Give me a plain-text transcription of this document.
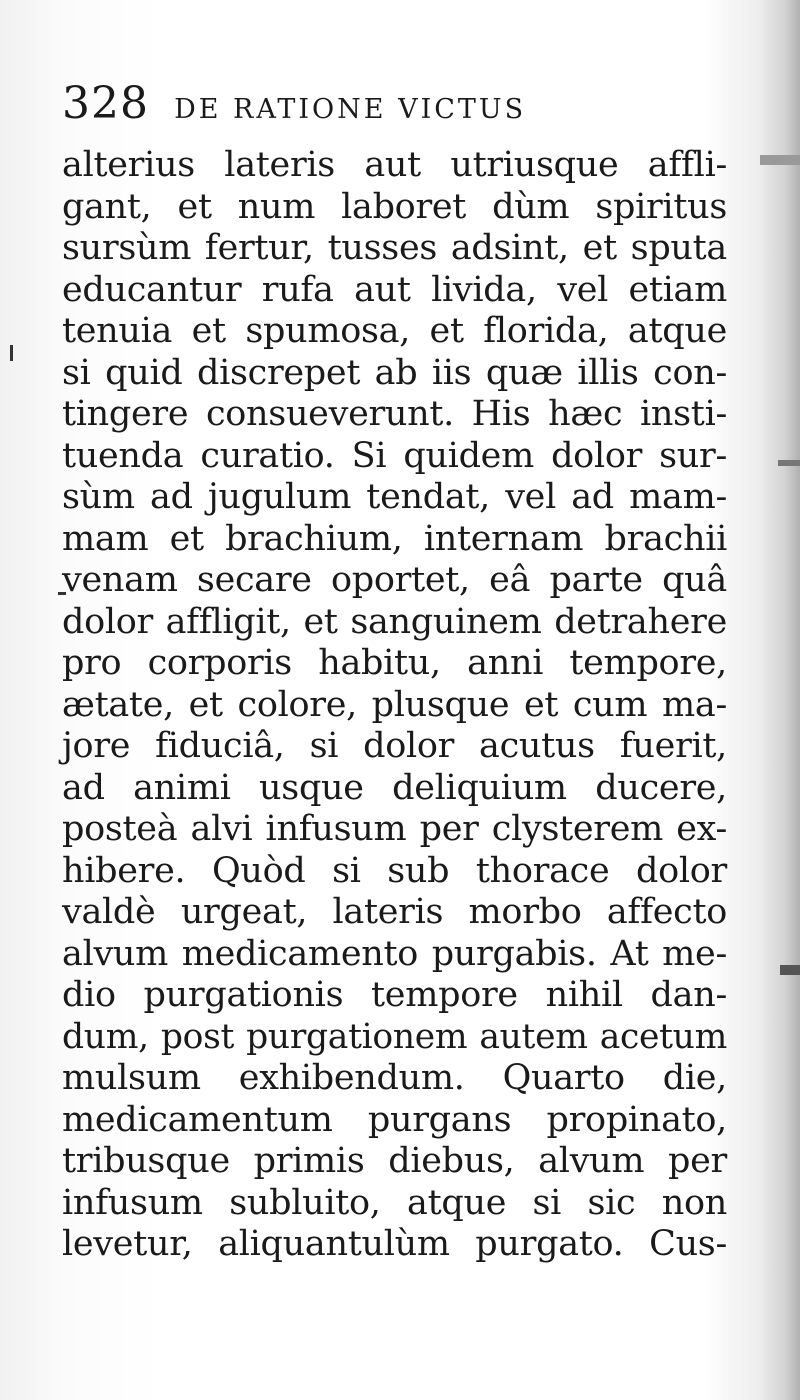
328 DE RATIONE VICTUS
alterius lateris aut utriusque affli-
gant, et num laboret dùm spiritus
sursùm fertur, tusses adsint, et sputa
educantur rufa aut livida, vel etiam
tenuia et spumosa, et florida, atque
si quid discrepet ab iis quæ illis con-
tingere consueverunt. His hæc insti-
tuenda curatio. Si quidem dolor sur-
sùm ad jugulum tendat, vel ad mam-
mam et brachium, internam brachii
venam secare oportet, eâ parte quâ
dolor affligit, et sanguinem detrahere
pro corporis habitu, anni tempore,
ætate, et colore, plusque et cum ma-
jore fiduciâ, si dolor acutus fuerit,
ad animi usque deliquium ducere,
posteà alvi infusum per clysterem ex-
hibere. Quòd si sub thorace dolor
valdè urgeat, lateris morbo affecto
alvum medicamento purgabis. At me-
dio purgationis tempore nihil dan-
dum, post purgationem autem acetum
mulsum exhibendum. Quarto die,
medicamentum purgans propinato,
tribusque primis diebus, alvum per
infusum subluito, atque si sic non
levetur, aliquantulùm purgato. Cus-
